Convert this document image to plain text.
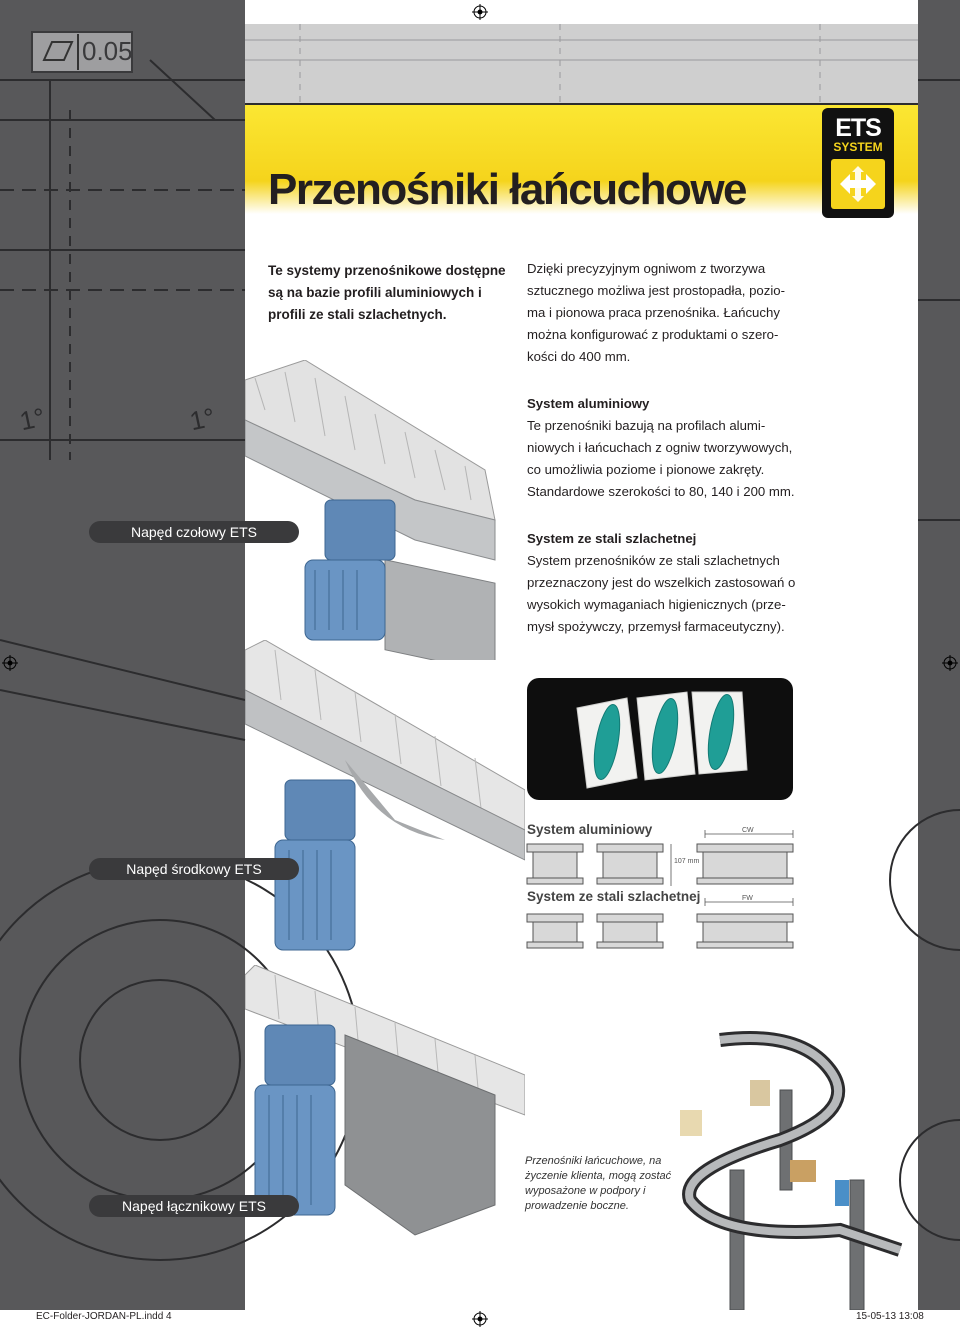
0.05
1°	1°
ETS
SYSTEM
Przenośniki łańcuchowe
Te systemy przenośnikowe dostępne są na bazie profili aluminiowych i profili ze stali szlachetnych.
Dzięki precyzyjnym ogniwom z tworzywa
sztucznego możliwa jest prostopadła, pozio-
ma i pionowa praca przenośnika. Łańcuchy
można konfigurować z produktami o szero-
kości do 400 mm.
System aluminiowy
Te przenośniki bazują na profilach alumi-
niowych i łańcuchach z ogniw tworzywowych,
co umożliwia poziome i pionowe zakręty.
Standardowe szerokości to 80, 140 i 200 mm.
System ze stali szlachetnej
System przenośników ze stali szlachetnych
przeznaczony jest do wszelkich zastosowań o
wysokich wymaganiach higienicznych (prze-
mysł spożywczy, przemysł farmaceutyczny).
Napęd czołowy ETS
Napęd środkowy ETS
Napęd łącznikowy ETS
System aluminiowy
System ze stali szlachetnej
CW
FW
107 mm
Przenośniki łańcuchowe, na
życzenie klienta, mogą zostać
wyposażone w podpory i
prowadzenie boczne.
EC-Folder-JORDAN-PL.indd 4	15-05-13 13:08
